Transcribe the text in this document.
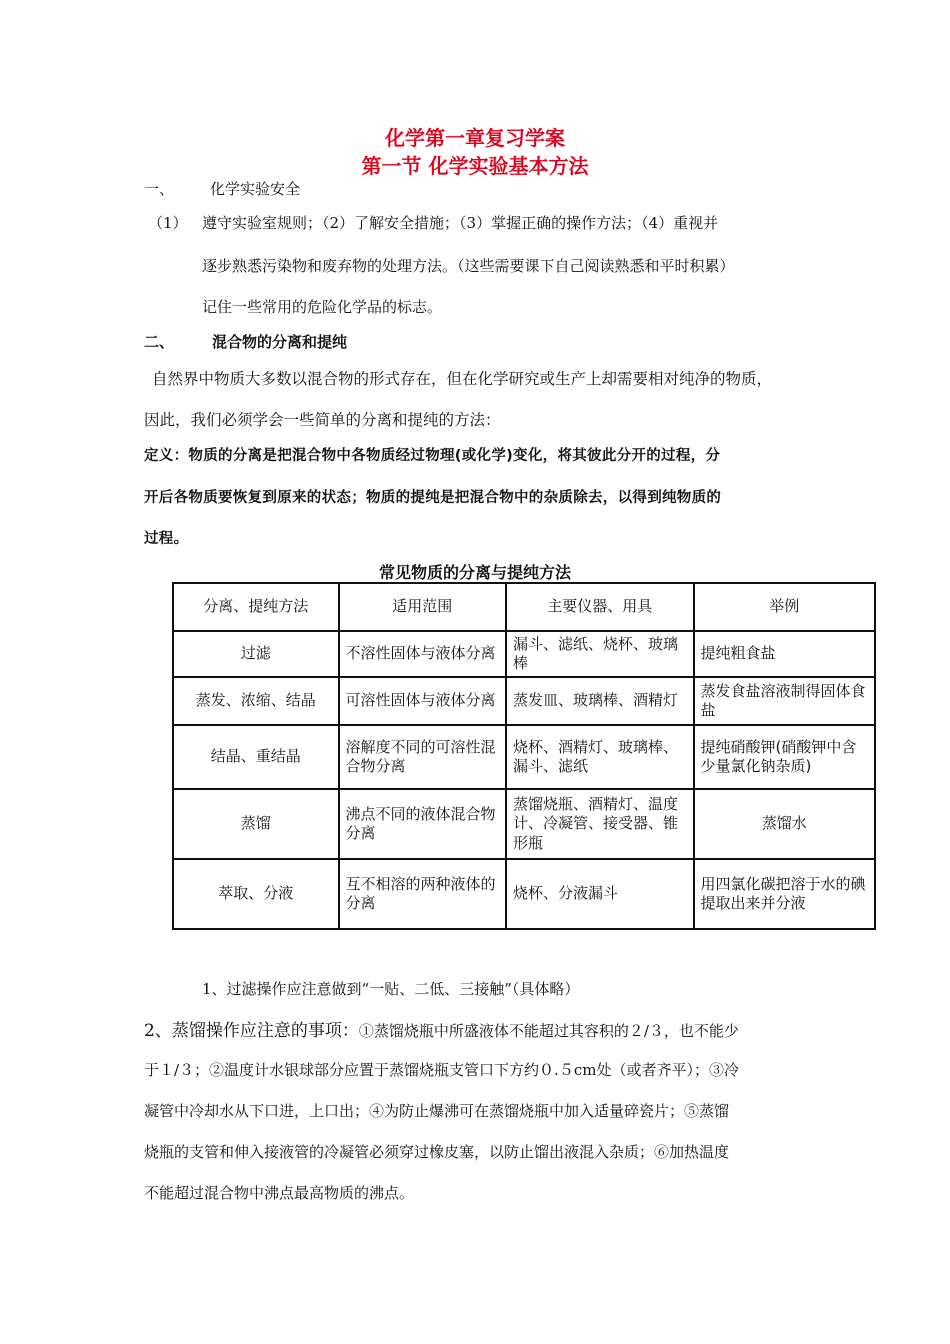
化学第一章复习学案
第一节 化学实验基本方法
一、 化学实验安全
（1） 遵守实验室规则；（2）了解安全措施；（3）掌握正确的操作方法；（4）重视并
逐步熟悉污染物和废弃物的处理方法。（这些需要课下自己阅读熟悉和平时积累）
记住一些常用的危险化学品的标志。
二、	混合物的分离和提纯
自然界中物质大多数以混合物的形式存在，但在化学研究或生产上却需要相对纯净的物质，
因此，我们必须学会一些简单的分离和提纯的方法：
定义：物质的分离是把混合物中各物质经过物理(或化学)变化，将其彼此分开的过程，分
开后各物质要恢复到原来的状态；物质的提纯是把混合物中的杂质除去，以得到纯物质的
过程。
常见物质的分离与提纯方法
分离、提纯方法	适用范围	主要仪器、用具	举例
过滤	不溶性固体与液体分离	漏斗、滤纸、烧杯、玻璃棒	提纯粗食盐
蒸发、浓缩、结晶	可溶性固体与液体分离	蒸发皿、玻璃棒、酒精灯	蒸发食盐溶液制得固体食盐
结晶、重结晶	溶解度不同的可溶性混合物分离	烧杯、酒精灯、玻璃棒、漏斗、滤纸	提纯硝酸钾(硝酸钾中含少量氯化钠杂质)
蒸馏	沸点不同的液体混合物分离	蒸馏烧瓶、酒精灯、温度计、冷凝管、接受器、锥形瓶	蒸馏水
萃取、分液	互不相溶的两种液体的分离	烧杯、分液漏斗	用四氯化碳把溶于水的碘提取出来并分液
1、过滤操作应注意做到“一贴、二低、三接触”（具体略）
2、蒸馏操作应注意的事项：①蒸馏烧瓶中所盛液体不能超过其容积的２/３，也不能少
于１/３；②温度计水银球部分应置于蒸馏烧瓶支管口下方约０.５cm处（或者齐平）；③冷
凝管中冷却水从下口进，上口出；④为防止爆沸可在蒸馏烧瓶中加入适量碎瓷片；⑤蒸馏
烧瓶的支管和伸入接液管的冷凝管必须穿过橡皮塞，以防止馏出液混入杂质；⑥加热温度
不能超过混合物中沸点最高物质的沸点。
